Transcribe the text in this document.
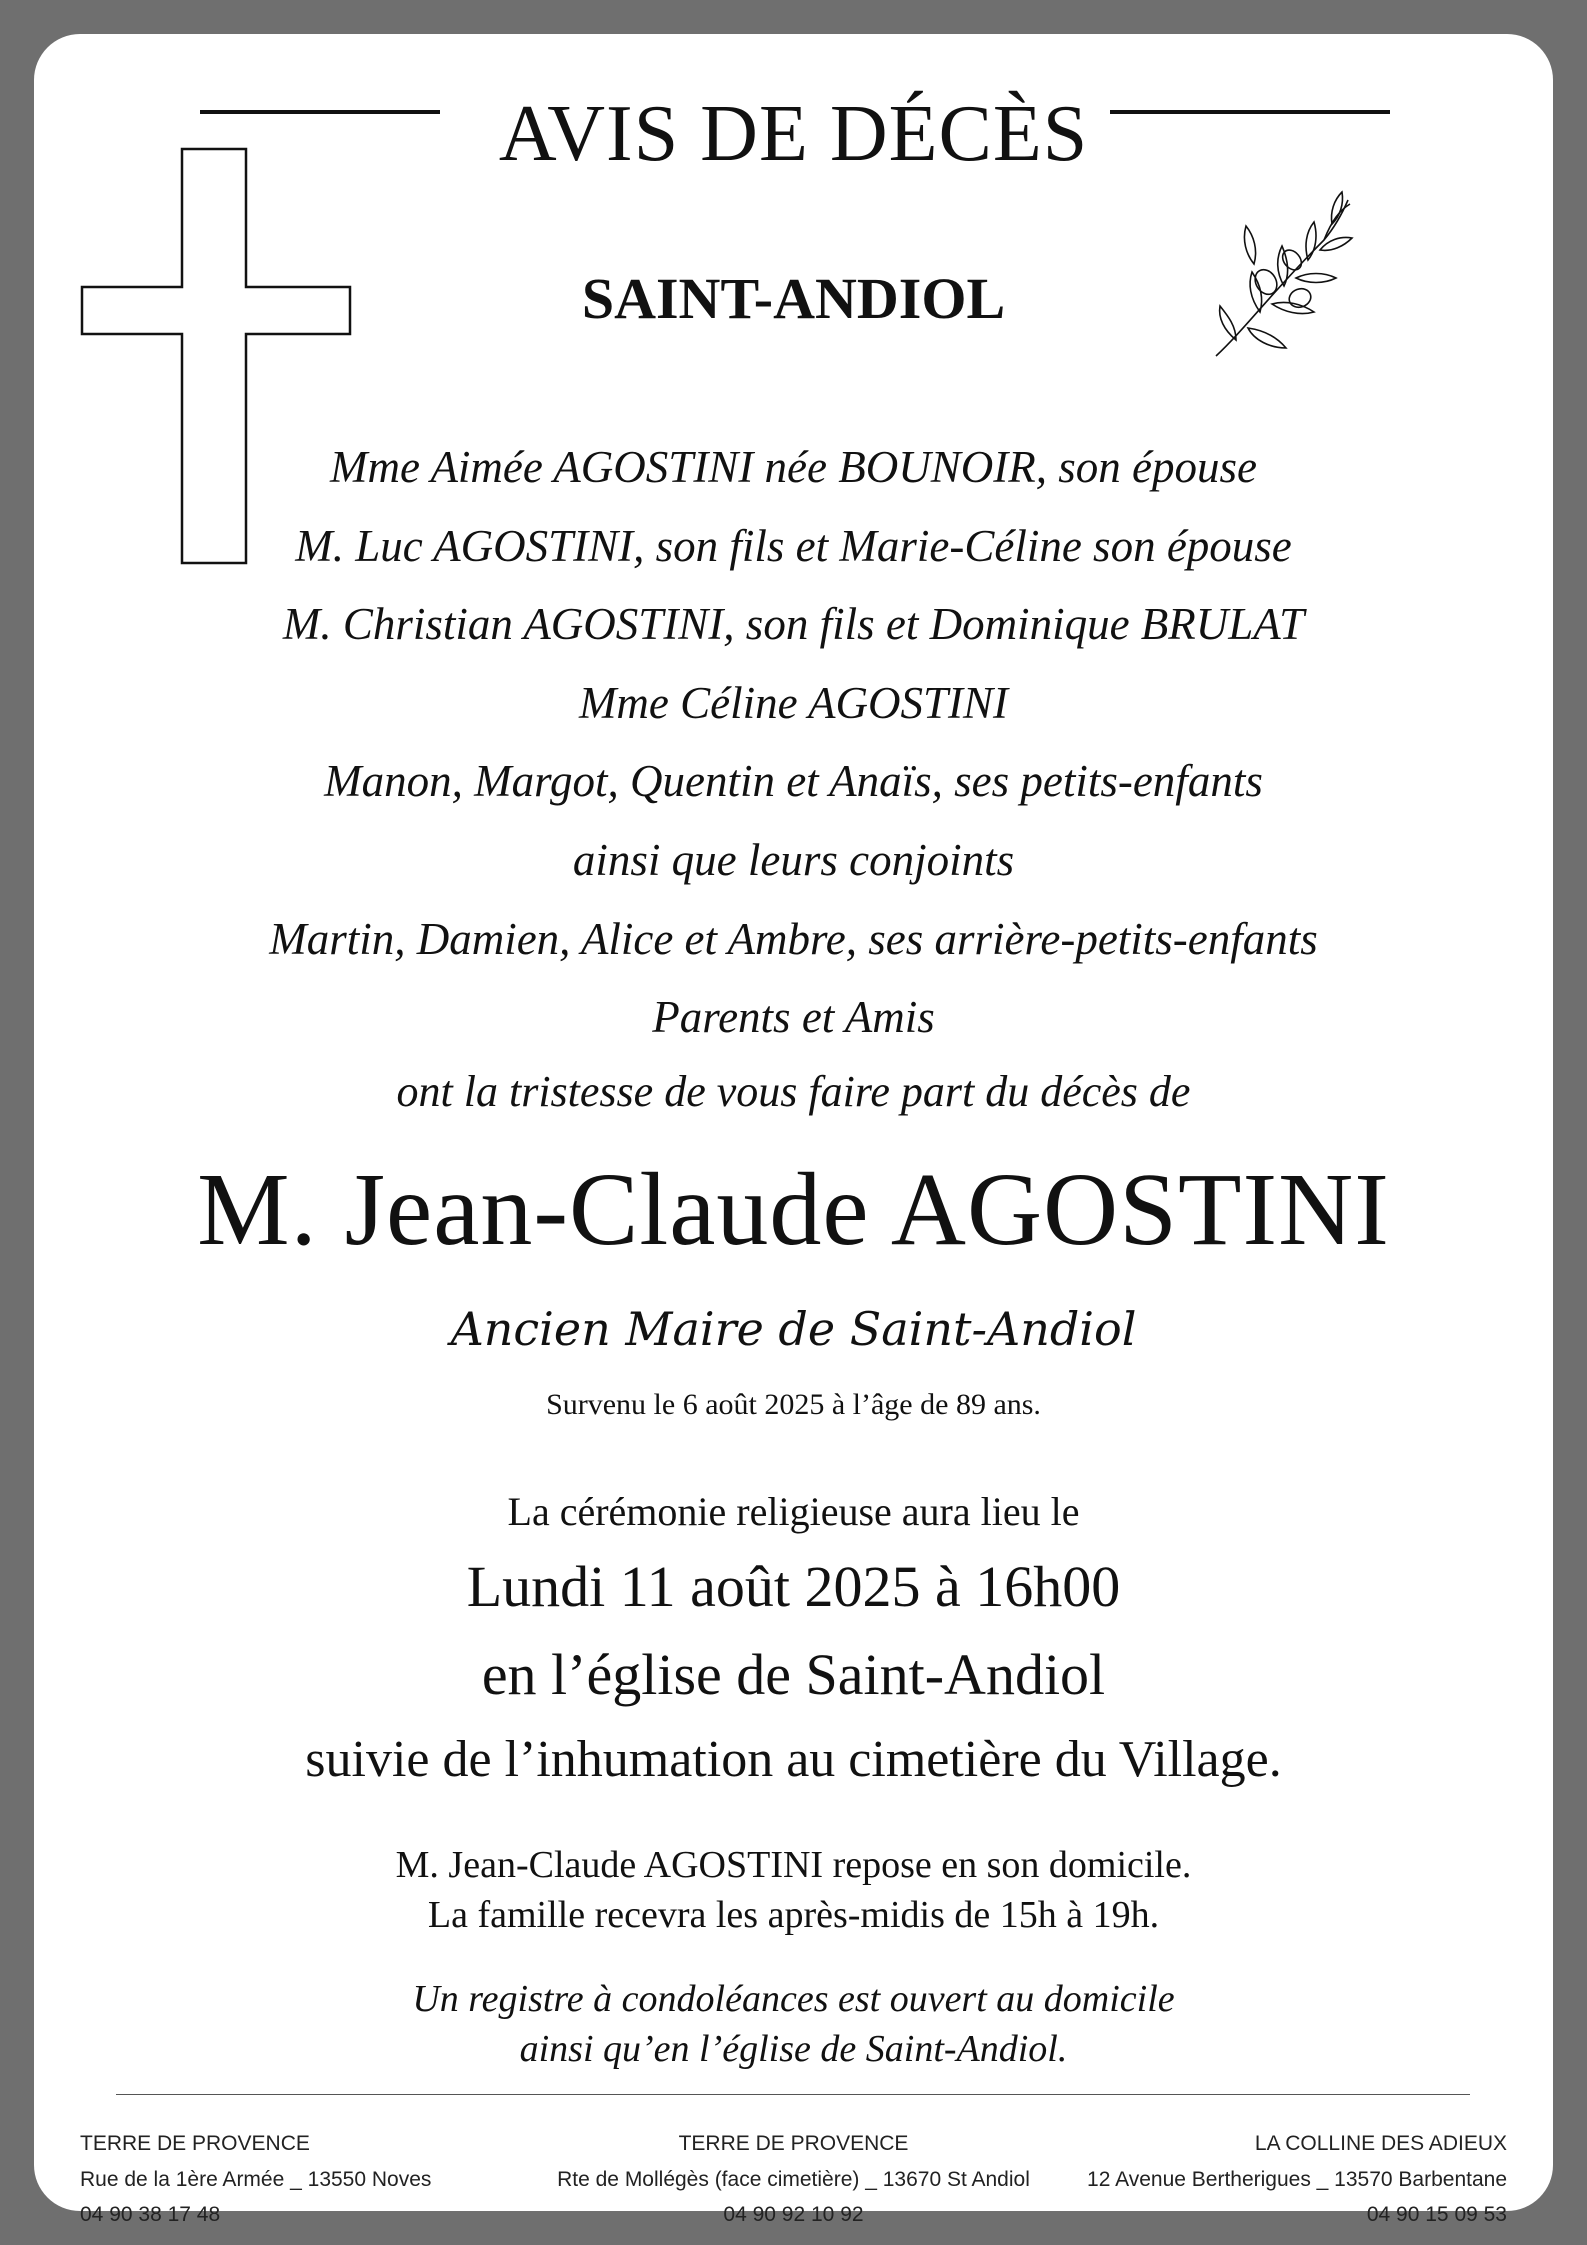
AVIS DE DÉCÈS
SAINT-ANDIOL
Mme Aimée AGOSTINI née BOUNOIR, son épouse
M. Luc AGOSTINI, son fils et Marie-Céline son épouse
M. Christian AGOSTINI, son fils et Dominique BRULAT
Mme Céline AGOSTINI
Manon, Margot, Quentin et Anaïs, ses petits-enfants
ainsi que leurs conjoints
Martin, Damien, Alice et Ambre, ses arrière-petits-enfants
Parents et Amis
ont la tristesse de vous faire part du décès de
M. Jean-Claude AGOSTINI
Ancien Maire de Saint-Andiol
Survenu le 6 août 2025 à l’âge de 89 ans.
La cérémonie religieuse aura lieu le
Lundi 11 août 2025 à 16h00
en l’église de Saint-Andiol
suivie de l’inhumation au cimetière du Village.
M. Jean-Claude AGOSTINI repose en son domicile.
La famille recevra les après-midis de 15h à 19h.
Un registre à condoléances est ouvert au domicile
ainsi qu’en l’église de Saint-Andiol.
TERRE DE PROVENCE
Rue de la 1ère Armée _ 13550 Noves
04 90 38 17 48
TERRE DE PROVENCE
Rte de Mollégès (face cimetière) _ 13670 St Andiol
04 90 92 10 92
LA COLLINE DES ADIEUX
12 Avenue Bertherigues _ 13570 Barbentane
04 90 15 09 53
